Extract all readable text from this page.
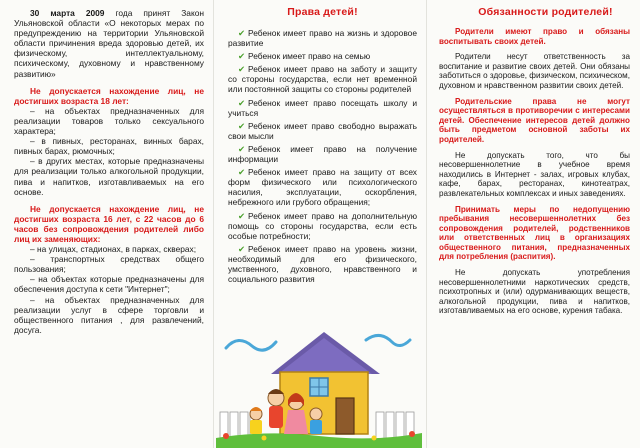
30 марта 2009 года принят Закон Ульяновской области «О некоторых мерах по предупреждению на территории Ульяновской области причинения вреда здоровью детей, их физическому, интеллектуальному, психическому, духовному и нравственному развитию»

Не допускается нахождение лиц, не достигших возраста 18 лет:

– на объектах предназначенных для реализации товаров только сексуального характера;

– в пивных, ресторанах, винных барах, пивных барах, рюмочных;

– в других местах, которые предназначены для реализации только алкогольной продукции, пива и напитков, изготавливаемых на его основе.

Не допускается нахождение лиц, не достигших возраста 16 лет, с 22 часов до 6 часов без сопровождения родителей либо лиц их заменяющих:

– на улицах, стадионах, в парках, скверах;

– транспортных средствах общего пользования;

– на объектах которые предназначены для обеспечения доступа к сети "Интернет";

– на объектах предназначенных для реализации услуг в сфере торговли и общественного питания , для развлечений, досуга.

Права детей!

✔ Ребенок имеет право на жизнь и здоровое развитие

✔ Ребенок имеет право на семью

✔ Ребенок имеет право на заботу и защиту со стороны государства, если нет временной или постоянной защиты со стороны родителей

✔ Ребенок имеет право посещать школу и учиться

✔ Ребенок имеет право свободно выражать свои мысли

✔ Ребенок имеет право на получение информации

✔ Ребенок имеет право на защиту от всех форм физического или психологического насилия, эксплуатации, оскорбления, небрежного или грубого обращения;

✔ Ребенок имеет право на дополнительную помощь со стороны государства, если есть особые потребности;

✔ Ребенок имеет право на уровень жизни, необходимый для его физического, умственного, духовного, нравственного и социального развития

Обязанности родителей!

Родители имеют право и обязаны воспитывать своих детей.

Родители несут ответственность за воспитание и развитие своих детей. Они обязаны заботиться о здоровье, физическом, психическом, духовном и нравственном развитии своих детей.

Родительские права не могут осуществляться в противоречии с интересами детей. Обеспечение интересов детей должно быть предметом основной заботы их родителей.

Не допускать того, что бы несовершеннолетние в учебное время находились в Интернет - залах, игровых клубах, кафе, барах, ресторанах, кинотеатрах, развлекательных комплексах и иных заведениях.

Принимать меры по недопущению пребывания несовершеннолетних без сопровождения родителей, родственников или ответственных лиц в организациях общественного питания, предназначенных для потребления (распития).

Не допускать употребления несовершеннолетними наркотических средств, психотропных и (или) одурманивающих веществ, алкогольной продукции, пива и напитков, изготавливаемых на его основе, курения табака.
